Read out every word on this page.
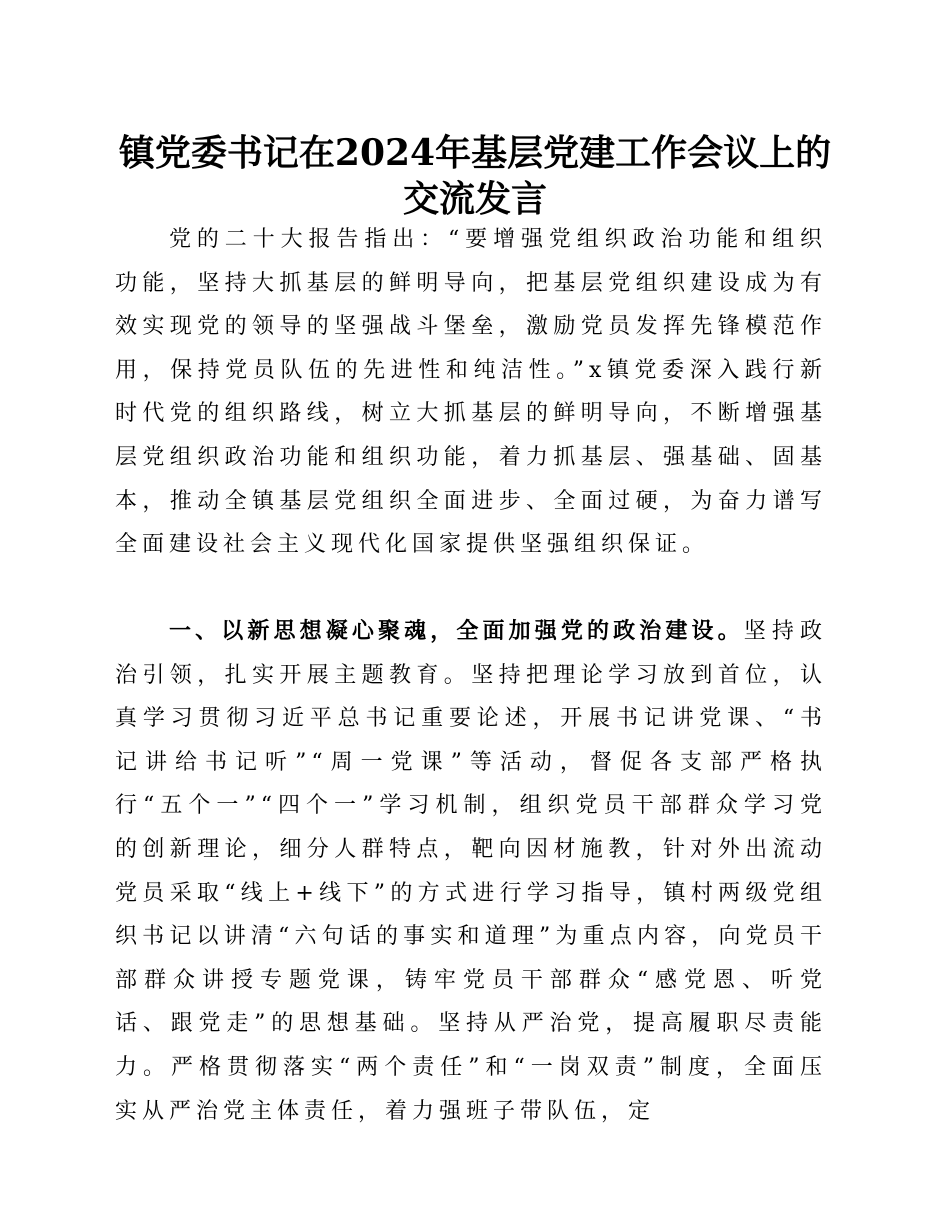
镇党委书记在2024年基层党建工作会议上的交流发言

党的二十大报告指出：“要增强党组织政治功能和组织功能，坚持大抓基层的鲜明导向，把基层党组织建设成为有效实现党的领导的坚强战斗堡垒，激励党员发挥先锋模范作用，保持党员队伍的先进性和纯洁性。”x镇党委深入践行新时代党的组织路线，树立大抓基层的鲜明导向，不断增强基层党组织政治功能和组织功能，着力抓基层、强基础、固基本，推动全镇基层党组织全面进步、全面过硬，为奋力谱写全面建设社会主义现代化国家提供坚强组织保证。

一、以新思想凝心聚魂，全面加强党的政治建设。坚持政治引领，扎实开展主题教育。坚持把理论学习放到首位，认真学习贯彻习近平总书记重要论述，开展书记讲党课、“书记讲给书记听”“周一党课”等活动，督促各支部严格执行“五个一”“四个一”学习机制，组织党员干部群众学习党的创新理论，细分人群特点，靶向因材施教，针对外出流动党员采取“线上+线下”的方式进行学习指导，镇村两级党组织书记以讲清“六句话的事实和道理”为重点内容，向党员干部群众讲授专题党课，铸牢党员干部群众“感党恩、听党话、跟党走”的思想基础。坚持从严治党，提高履职尽责能力。严格贯彻落实“两个责任”和“一岗双责”制度，全面压实从严治党主体责任，着力强班子带队伍，定
